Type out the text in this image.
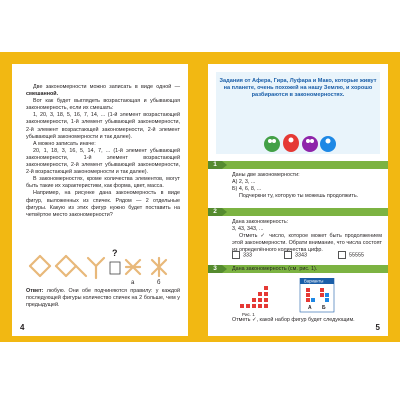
Две закономерности можно записать в виде одной — смешанной.

Вот как будет выглядеть возрастающая и убывающая закономерность, если их смешать:

1, 20, 3, 18, 5, 16, 7, 14, ... (1-й элемент возрастающей закономерности, 1-й элемент убывающей закономерности, 2-й элемент возрастающей закономерности, 2-й элемент убывающей закономерности и так далее).

А можно записать иначе:

20, 1, 18, 3, 16, 5, 14, 7, ... (1-й элемент убывающей закономерности, 1-й элемент возрастающей закономерности, 2-й элемент убывающей закономерности, 2-й возрастающей закономерности и так далее).

В закономерностях, кроме количества элементов, могут быть такие их характеристики, как форма, цвет, масса.

Например, на рисунке дана закономерность в виде фигур, выложенных из спичек. Рядом — 2 отдельные фигуры. Какую из этих фигур нужно будет поставить на четвёртое место закономерности?

?
а	б
Ответ: любую. Они обе подчиняются правилу: у каждой последующей фигуры количество спичек на 2 больше, чем у предыдущей.
4
Задания от Афера, Гира, Луфара и Мако, которые живут на планете, очень похожей на нашу Землю, и хорошо разбираются в закономерностях.
1
Даны две закономерности:
А) 2, 3, ...
Б) 4, 6, 8, ...
Подчеркни ту, которую ты можешь продолжить.
2
Дана закономерность:
3, 43, 343, ...
Отметь ✓ число, которое может быть продолжением этой закономерности. Обрати внимание, что числа состоят из определённого количества цифр.
333	3343	55555
3	Дана закономерность (см. рис. 1).
Рис. 1
Варианты
А Б
Отметь ✓, какой набор фигур будет следующим.
5
